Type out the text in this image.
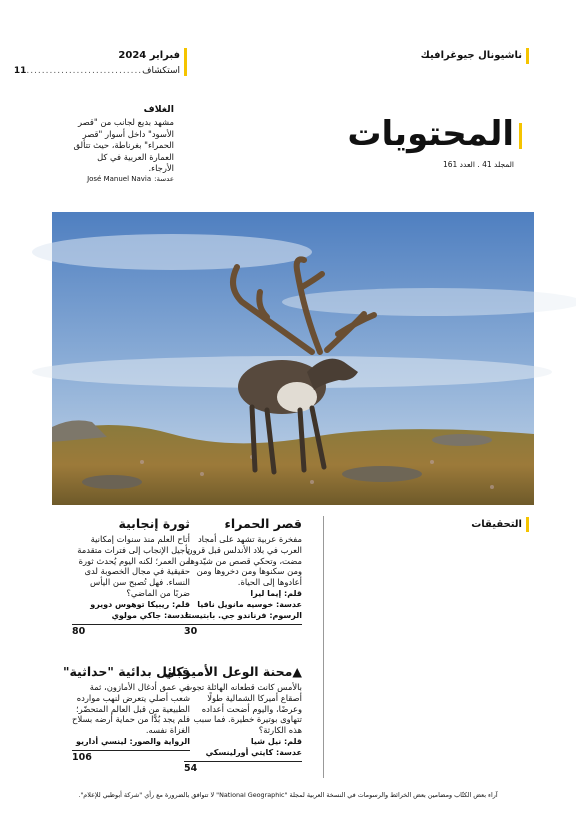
ناشيونال جيوغرافيك
فبراير 2024
استكشاف
..............................
11
المحتويات
المجلد 41 . العدد 161
الغلاف
مشهد بديع لجانب من "قصر الأسود" داخل أسوار "قصر الحمراء" بغرناطة، حيث تتألق العمارة العربية في كل الأرجاء.
عدسة:
José Manuel Navia
التحقيقات
قصر الحمراء
مفخرة عربية تشهد على أمجاد العرب في بلاد الأندلس قبل قرون مضت، وتحكي قصص من شيّدوها ومن سكنوها ومن دخروها ومن أعادوها إلى الحياة.
قلم: إيما ليرا
عدسة: خوسيه مانويل نافيا
الرسوم: فرناندو جي. بابتيستا
30
ثورة إنجابية
أتاح العلم منذ سنوات إمكانية تأجيل الإنجاب إلى فترات متقدمة من العمر؛ لكنه اليوم يُحدث ثورة حقيقية في مجال الخصوبة لدى النساء. فهل تُصبح سن اليأس ضربًا من الماضي؟
قلم: ريبيكا توهوس دويرو
عدسة: جاكي مولوي
80
▲محنة الوعل الأميركي
بالأمس كانت قطعانه الهائلة تجوب أصقاع أميركا الشمالية طولًا وعرضًا، واليوم أضحت أعداده تتهاوى بوتيرة خطيرة. فما سبب هذه الكارثة؟
قلم: نيل شيا
عدسة: كايتي أورلينسكي
54
قبائل بدائية "حداثية"
في عمق أدغال الأمازون، ثمة شعب أصلي يتعرض لنهب موارده الطبيعية من قبل العالم المتحضّر؛ فلم يجد بُدًّا من حماية أرضه بسلاح الغزاة نفسه.
الرواية والصور: لينسي أداريو
106
آراء بعض الكتّاب ومضامين بعض الخرائط والرسومات في النسخة العربية لمجلة "National Geographic" لا تتوافق بالضرورة مع رأي "شركة أبوظبي للإعلام".
